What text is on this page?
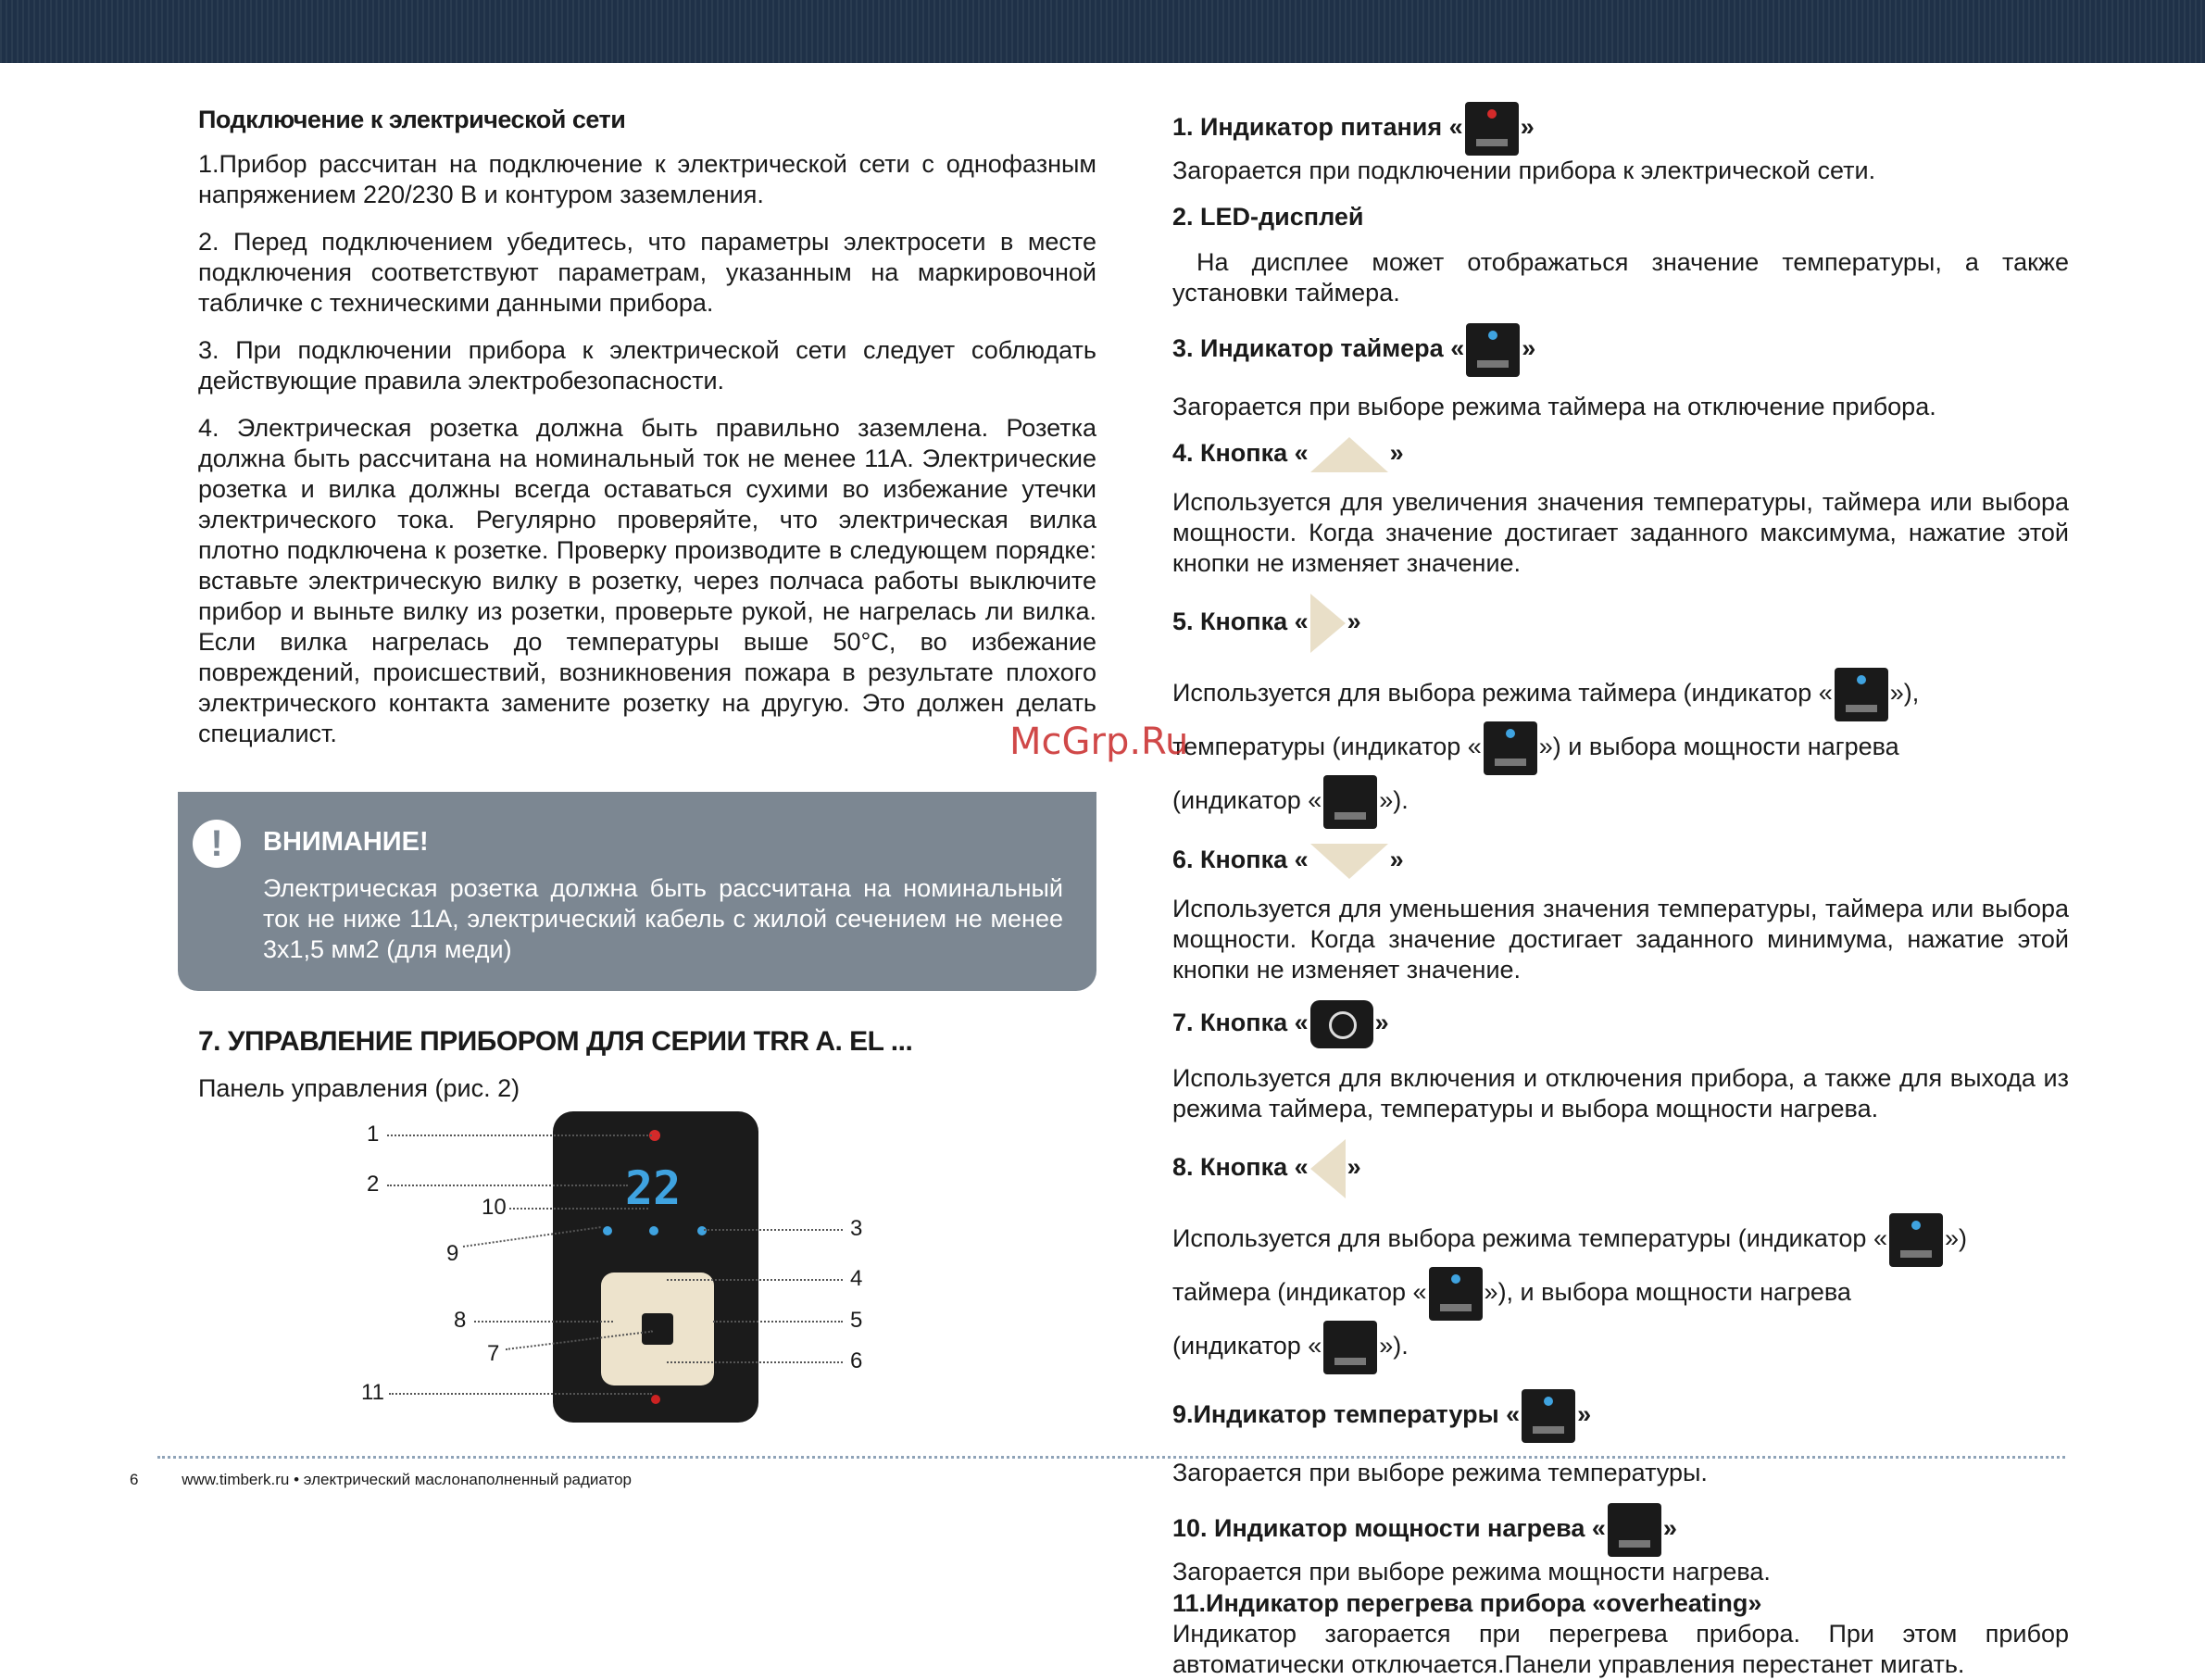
Подключение к электрической сети

1.Прибор рассчитан на подключение к электрической сети с однофазным напряжением 220/230 В и контуром заземления.

2. Перед подключением убедитесь, что параметры электросети в месте подключения соответствуют параметрам, указанным на маркировочной табличке с техническими данными прибора.

3. При подключении прибора к электрической сети следует соблюдать действующие правила электробезопасности.

4. Электрическая розетка должна быть правильно заземлена. Розетка должна быть рассчитана на номинальный ток не менее 11А. Электрические розетка и вилка должны всегда оставаться сухими во избежание утечки электрического тока. Регулярно проверяйте, что электрическая вилка плотно подключена к розетке. Проверку производите в следующем порядке: вставьте электрическую вилку в розетку, через полчаса работы выключите прибор и выньте вилку из розетки, проверьте рукой, не нагрелась ли вилка. Если вилка нагрелась до температуры выше 50°С, во избежание повреждений, происшествий, возникновения пожара в результате плохого электрического контакта замените розетку на другую. Это должен делать специалист.

!	ВНИМАНИЕ!
Электрическая розетка должна быть рассчитана на номинальный ток не ниже 11А, электрический кабель с жилой сечением не менее 3х1,5 мм2 (для меди)
7. УПРАВЛЕНИЕ ПРИБОРОМ ДЛЯ СЕРИИ TRR A. EL ...
Панель управления (рис. 2)
22
1
2
10
9
3
4
8	5
7	6
11
1. Индикатор питания « »

Загорается при подключении прибора к электрической сети.

2. LED-дисплей

На дисплее может отображаться значение температуры, а также установки таймера.

3. Индикатор таймера « »

Загорается при выборе режима таймера на отключение прибора.

4. Кнопка «	»

Используется для увеличения значения температуры, таймера или выбора мощности. Когда значение достигает заданного максимума, нажатие этой кнопки не изменяет значение.

5. Кнопка « »

Используется для выбора режима таймера (индикатор « »),

температуры (индикатор « ») и выбора мощности нагрева

(индикатор « »).

6. Кнопка «	»

Используется для уменьшения значения температуры, таймера или выбора мощности. Когда значение достигает заданного минимума, нажатие этой кнопки не изменяет значение.

7. Кнопка «	»

Используется для включения и отключения прибора, а также для выхода из режима таймера, температуры и выбора мощности нагрева.

8. Кнопка « »

Используется для выбора режима температуры (индикатор « »)

таймера (индикатор « »), и выбора мощности нагрева

(индикатор « »).

9.Индикатор температуры « »

Загорается при выборе режима температуры.

10. Индикатор мощности нагрева « »

Загорается при выборе режима мощности нагрева.

11.Индикатор перегрева прибора «overheating»

Индикатор загорается при перегрева прибора. При этом прибор автоматически отключается.Панели управления перестанет мигать.

McGrp.Ru
6	www.timberk.ru • электрический маслонаполненный радиатор
